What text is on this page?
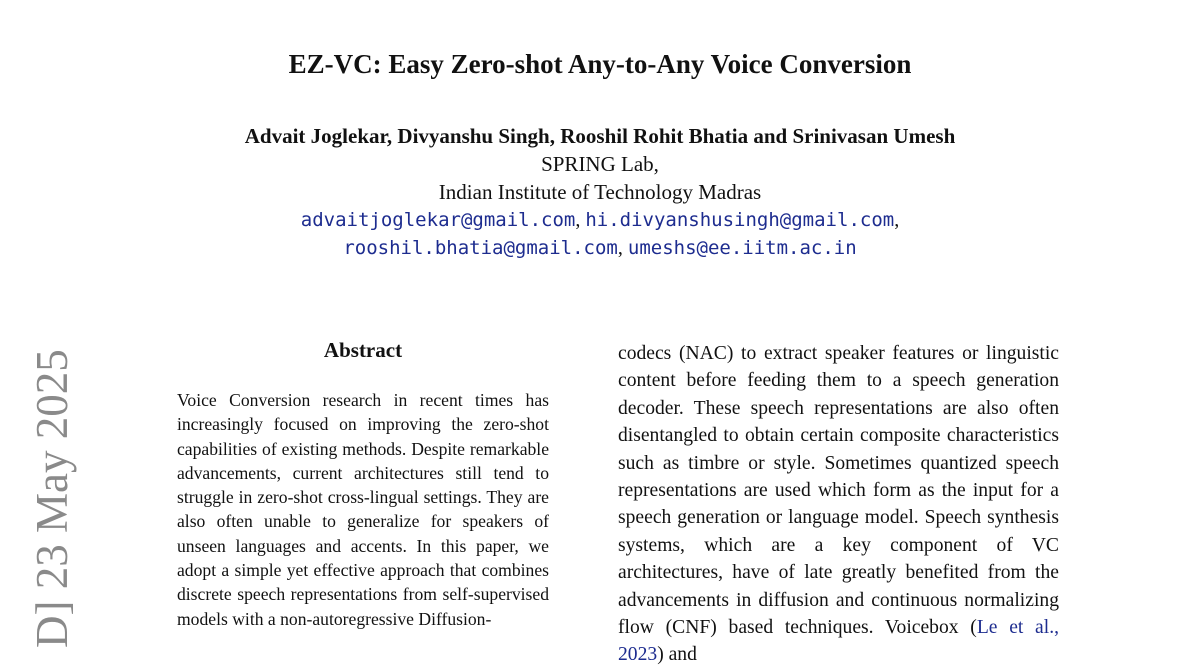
D] 23 May 2025
EZ-VC: Easy Zero-shot Any-to-Any Voice Conversion
Advait Joglekar, Divyanshu Singh, Rooshil Rohit Bhatia and Srinivasan Umesh
SPRING Lab,
Indian Institute of Technology Madras
advaitjoglekar@gmail.com, hi.divyanshusingh@gmail.com,
rooshil.bhatia@gmail.com, umeshs@ee.iitm.ac.in
Abstract
Voice Conversion research in recent times has increasingly focused on improving the zero-shot capabilities of existing methods. Despite remarkable advancements, current architectures still tend to struggle in zero-shot cross-lingual settings. They are also often unable to generalize for speakers of unseen languages and accents. In this paper, we adopt a simple yet effective approach that combines discrete speech representations from self-supervised models with a non-autoregressive Diffusion-
codecs (NAC) to extract speaker features or linguistic content before feeding them to a speech generation decoder. These speech representations are also often disentangled to obtain certain composite characteristics such as timbre or style. Sometimes quantized speech representations are used which form as the input for a speech generation or language model. Speech synthesis systems, which are a key component of VC architectures, have of late greatly benefited from the advancements in diffusion and continuous normalizing flow (CNF) based techniques. Voicebox (Le et al., 2023) and
